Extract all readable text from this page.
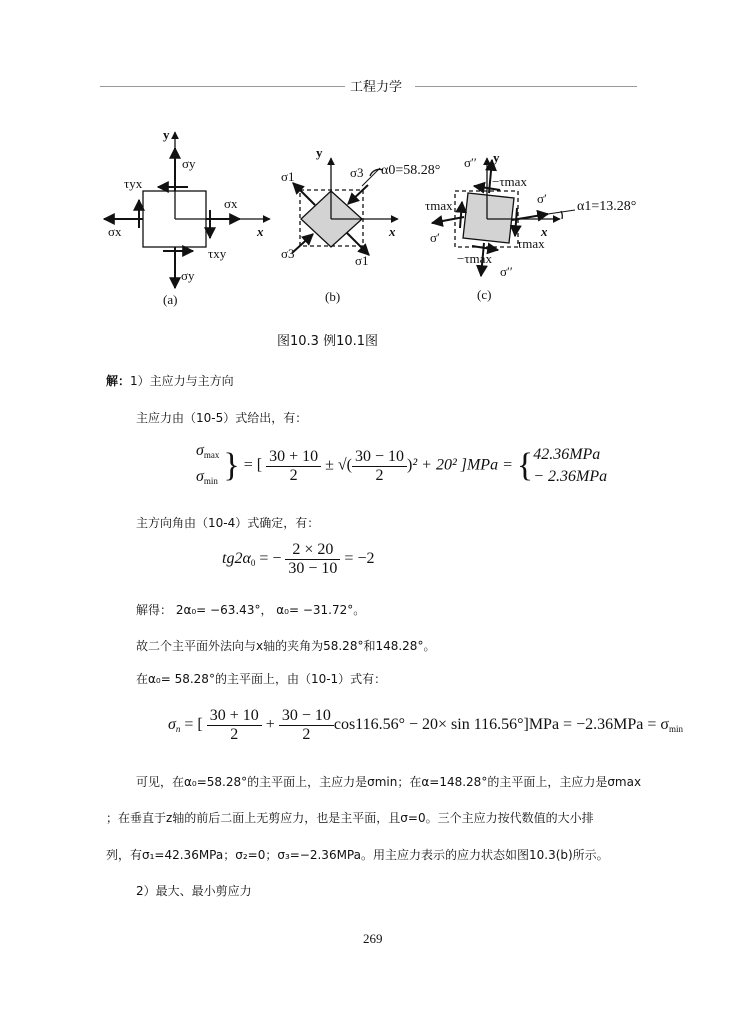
工程力学
y
σy
τyx
σx
σx	x
τxy
σy
(a)
y
σ1	σ3 α0=58.28°
x
σ3	σ1
(b)
σ′′ y
−τmax
τmax	σ′
α1=13.28°
σ′	x
τmax
−τmax
σ′′
(c)
图10.3 例10.1图
解：1）主应力与主方向
主应力由（10-5）式给出，有：
$\sigma_{max}$
$\sigma_{min}$ } = [ $\frac{30 + 10}{2}$ ± √( $\frac{30 - 10}{2} )^2 + 20^2$ ]MPa = {42.36MPa
− 2.36MPa
主方向角由（10-4）式确定，有：
$tg2\alpha_0$ = − $\frac{2 \times 20}{30 - 10} = -2$
解得： 2α₀= −63.43°， α₀= −31.72°。
故二个主平面外法向与x轴的夹角为58.28°和148.28°。
在α₀= 58.28°的主平面上，由（10-1）式有：
$\sigma_n$ = [ $\frac{30 + 10}{2} + \frac{30 - 10}{2} \cos 116.56^\circ - 20\times \sin 116.56^\circ]MPa = -2.36MPa = \sigma_{min}$
可见，在α₀=58.28°的主平面上，主应力是σmin；在α=148.28°的主平面上，主应力是σmax
；在垂直于z轴的前后二面上无剪应力，也是主平面，且σ=0。三个主应力按代数值的大小排
列，有σ₁=42.36MPa；σ₂=0；σ₃=−2.36MPa。用主应力表示的应力状态如图10.3(b)所示。
2）最大、最小剪应力
269
